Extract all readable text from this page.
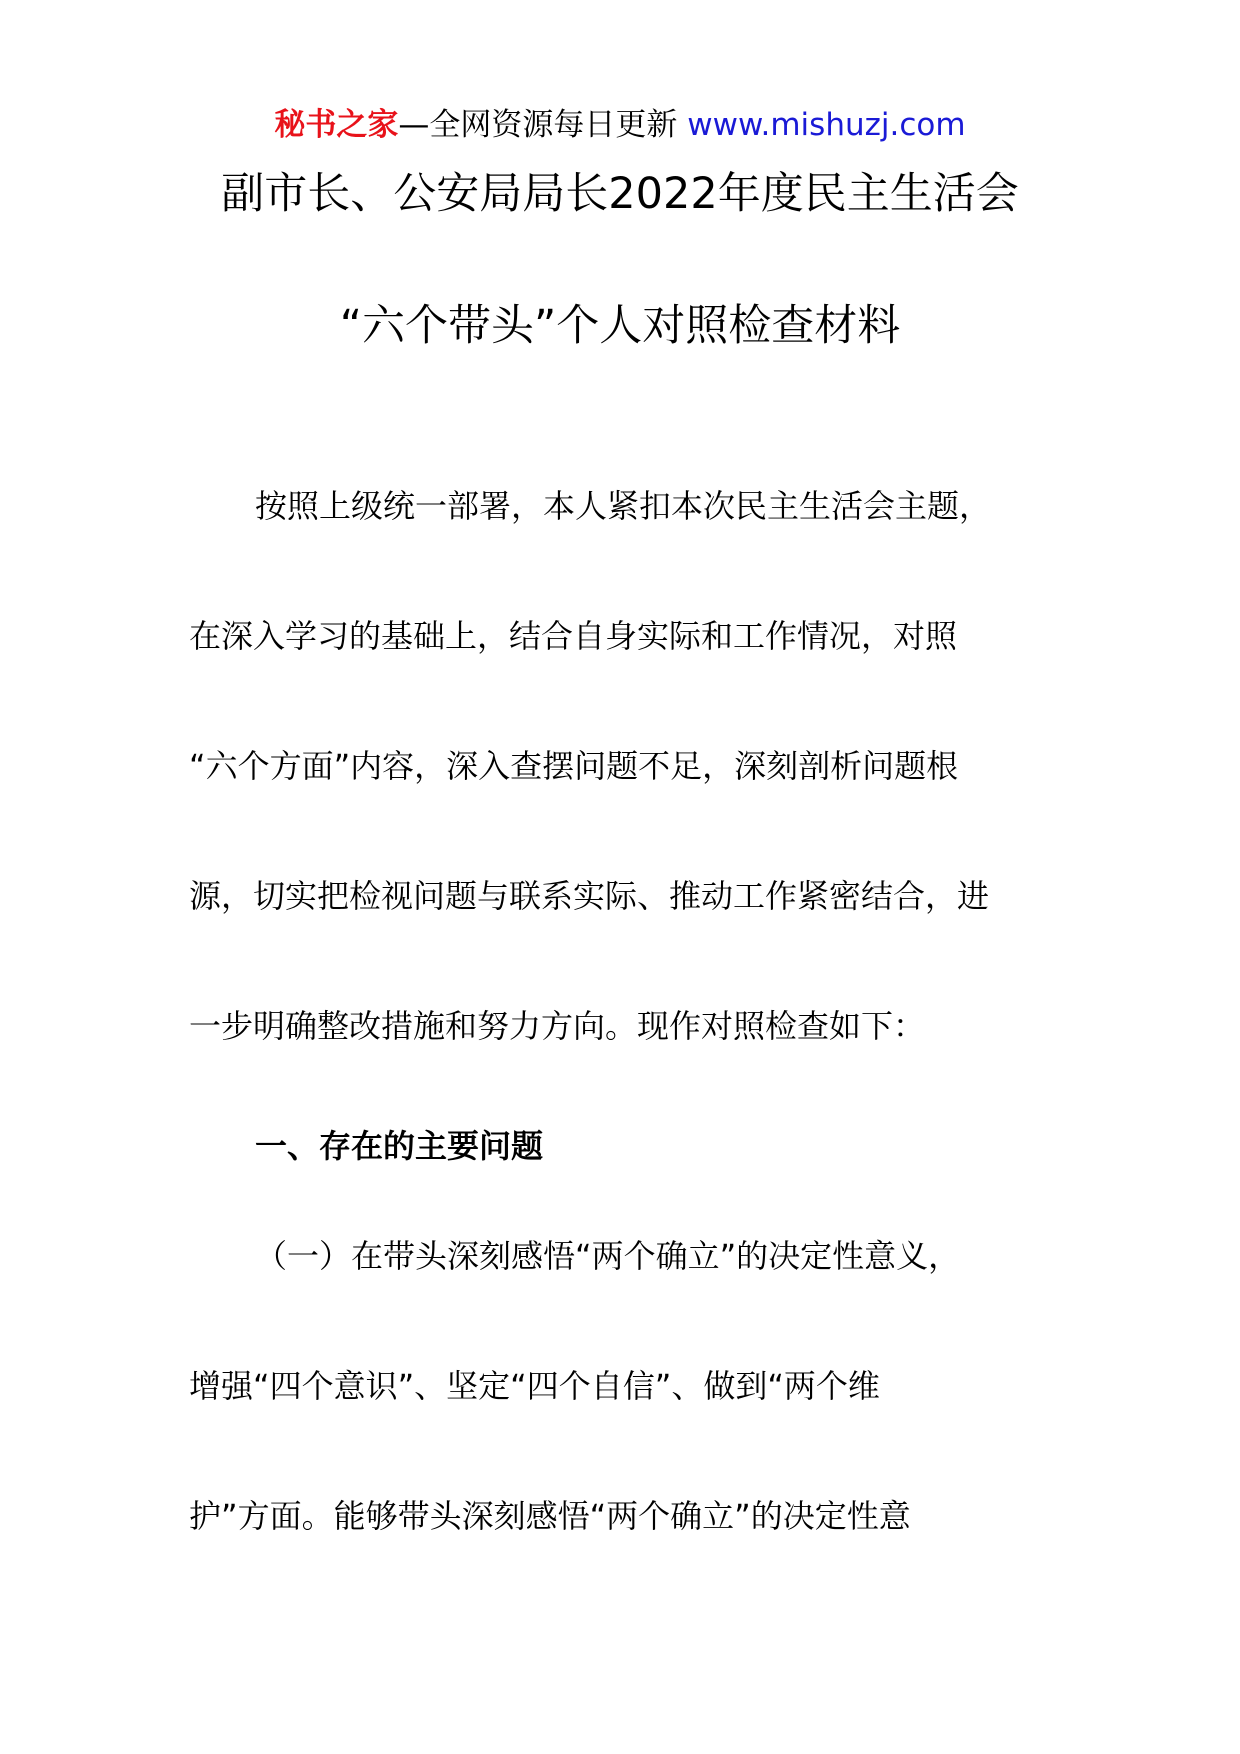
秘书之家—全网资源每日更新 www.mishuzj.com
副市长、公安局局长2022年度民主生活会
“六个带头”个人对照检查材料
按照上级统一部署，本人紧扣本次民主生活会主题，
在深入学习的基础上，结合自身实际和工作情况，对照
“六个方面”内容，深入查摆问题不足，深刻剖析问题根
源，切实把检视问题与联系实际、推动工作紧密结合，进
一步明确整改措施和努力方向。现作对照检查如下：
一、存在的主要问题
（一）在带头深刻感悟“两个确立”的决定性意义，
增强“四个意识”、坚定“四个自信”、做到“两个维
护”方面。能够带头深刻感悟“两个确立”的决定性意
